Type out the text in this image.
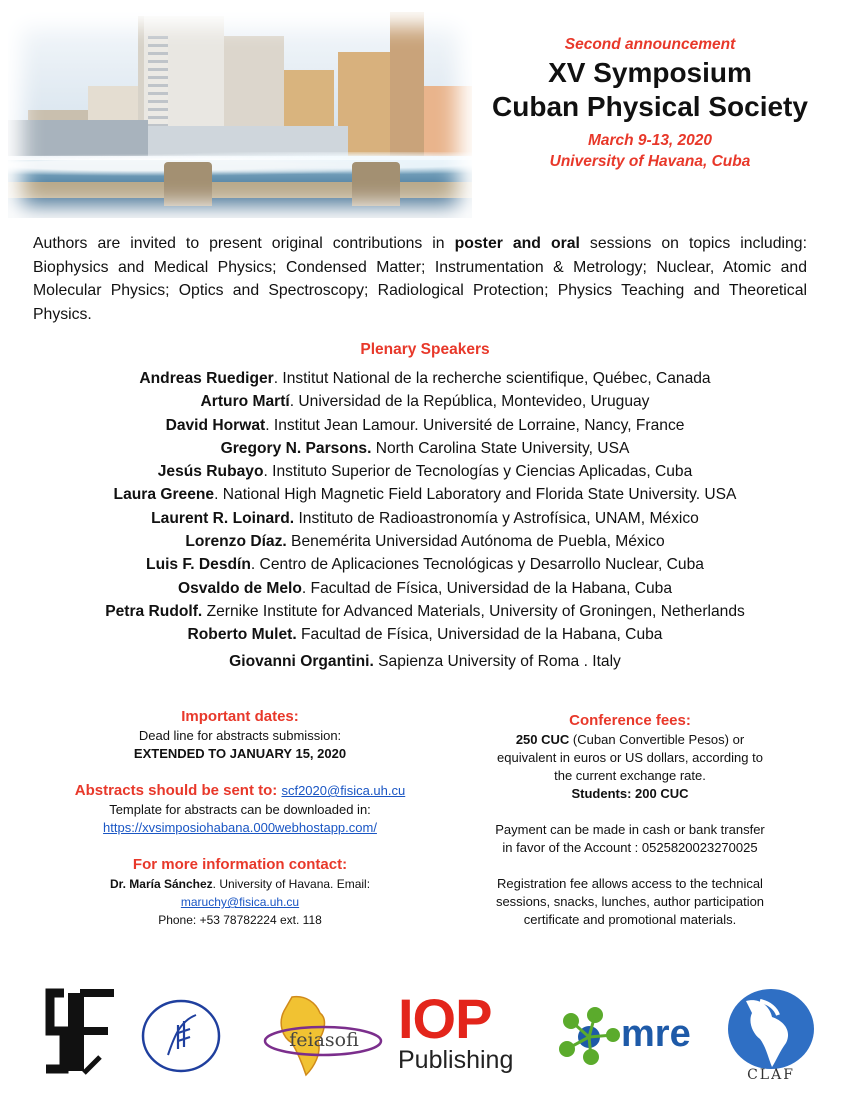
Second announcement
XV Symposium
Cuban Physical Society
March 9-13, 2020
University of Havana, Cuba
Authors are invited to present original contributions in poster and oral sessions on topics including: Biophysics and Medical Physics; Condensed Matter; Instrumentation & Metrology; Nuclear, Atomic and Molecular Physics; Optics and Spectroscopy; Radiological Protection; Physics Teaching and Theoretical Physics.
Plenary Speakers
Andreas Ruediger. Institut National de la recherche scientifique, Québec, Canada
Arturo Martí. Universidad de la República, Montevideo, Uruguay
David Horwat. Institut Jean Lamour. Université de Lorraine, Nancy, France
Gregory N. Parsons. North Carolina State University, USA
Jesús Rubayo. Instituto Superior de Tecnologías y Ciencias Aplicadas, Cuba
Laura Greene. National High Magnetic Field Laboratory and Florida State University. USA
Laurent R. Loinard. Instituto de Radioastronomía y Astrofísica, UNAM, México
Lorenzo Díaz. Benemérita Universidad Autónoma de Puebla, México
Luis F. Desdín. Centro de Aplicaciones Tecnológicas y Desarrollo Nuclear, Cuba
Osvaldo de Melo. Facultad de Física, Universidad de la Habana, Cuba
Petra Rudolf. Zernike Institute for Advanced Materials, University of Groningen, Netherlands
Roberto Mulet. Facultad de Física, Universidad de la Habana, Cuba
Giovanni Organtini. Sapienza University of Roma . Italy
Important dates:
Dead line for abstracts submission:
EXTENDED TO JANUARY 15, 2020
Abstracts should be sent to: scf2020@fisica.uh.cu
Template for abstracts can be downloaded in:
https://xvsimposiohabana.000webhostapp.com/
For more information contact:
Dr. María Sánchez. University of Havana. Email:
maruchy@fisica.uh.cu
Phone: +53 78782224 ext. 118
Conference fees:
250 CUC (Cuban Convertible Pesos) or
equivalent in euros or US dollars, according to
the current exchange rate.
Students: 200 CUC
Payment can be made in cash or bank transfer
in favor of the Account : 0525820023270025
Registration fee allows access to the technical
sessions, snacks, lunches, author participation
certificate and promotional materials.
feiasofi IOP
Publishing
mre
CLAF
